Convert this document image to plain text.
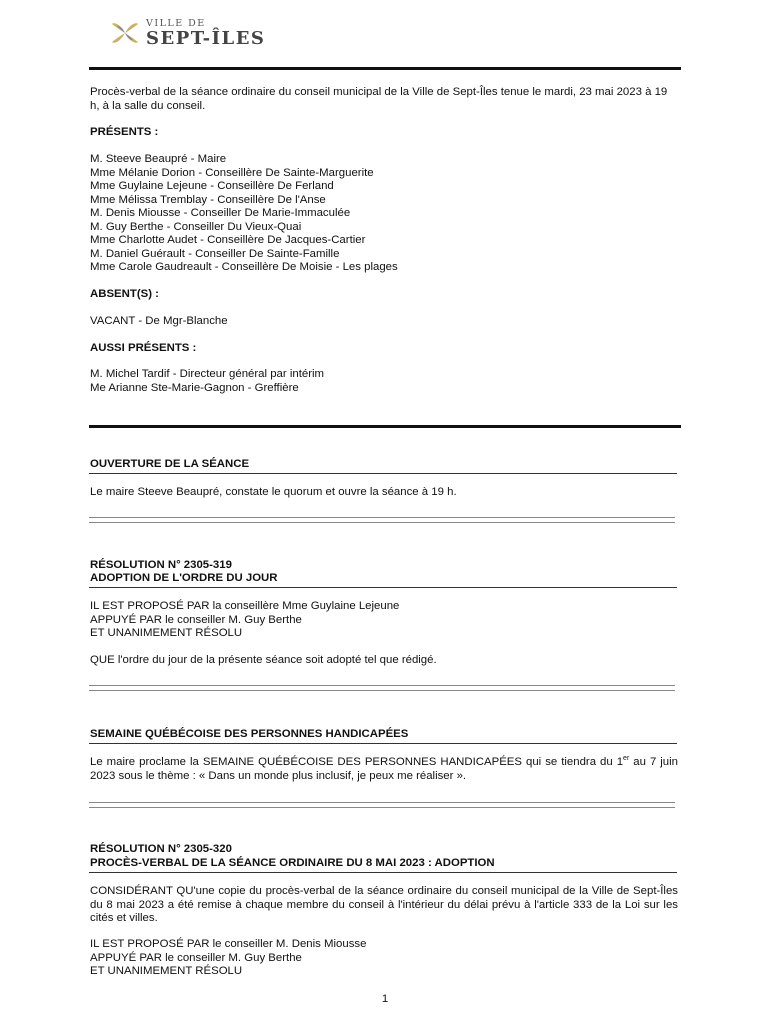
VILLE DE
SEPT-ÎLES
Procès-verbal de la séance ordinaire du conseil municipal de la Ville de Sept-Îles tenue le mardi, 23 mai 2023 à 19 h, à la salle du conseil.
PRÉSENTS :
M. Steeve Beaupré - Maire
Mme Mélanie Dorion - Conseillère De Sainte-Marguerite
Mme Guylaine Lejeune - Conseillère De Ferland
Mme Mélissa Tremblay - Conseillère De l'Anse
M. Denis Miousse - Conseiller De Marie-Immaculée
M. Guy Berthe - Conseiller Du Vieux-Quai
Mme Charlotte Audet - Conseillère De Jacques-Cartier
M. Daniel Guérault - Conseiller De Sainte-Famille
Mme Carole Gaudreault - Conseillère De Moisie - Les plages
ABSENT(S) :
VACANT - De Mgr-Blanche
AUSSI PRÉSENTS :
M. Michel Tardif - Directeur général par intérim
Me Arianne Ste-Marie-Gagnon - Greffière
OUVERTURE DE LA SÉANCE
Le maire Steeve Beaupré, constate le quorum et ouvre la séance à 19 h.
RÉSOLUTION N° 2305-319
ADOPTION DE L'ORDRE DU JOUR
IL EST PROPOSÉ PAR la conseillère Mme Guylaine Lejeune
APPUYÉ PAR le conseiller M. Guy Berthe
ET UNANIMEMENT RÉSOLU
QUE l'ordre du jour de la présente séance soit adopté tel que rédigé.
SEMAINE QUÉBÉCOISE DES PERSONNES HANDICAPÉES
Le maire proclame la SEMAINE QUÉBÉCOISE DES PERSONNES HANDICAPÉES qui se tiendra du 1er au 7 juin 2023 sous le thème : « Dans un monde plus inclusif, je peux me réaliser ».
RÉSOLUTION N° 2305-320
PROCÈS-VERBAL DE LA SÉANCE ORDINAIRE DU 8 MAI 2023 : ADOPTION
CONSIDÉRANT QU'une copie du procès-verbal de la séance ordinaire du conseil municipal de la Ville de Sept-Îles du 8 mai 2023 a été remise à chaque membre du conseil à l'intérieur du délai prévu à l'article 333 de la Loi sur les cités et villes.
IL EST PROPOSÉ PAR le conseiller M. Denis Miousse
APPUYÉ PAR le conseiller M. Guy Berthe
ET UNANIMEMENT RÉSOLU
1
